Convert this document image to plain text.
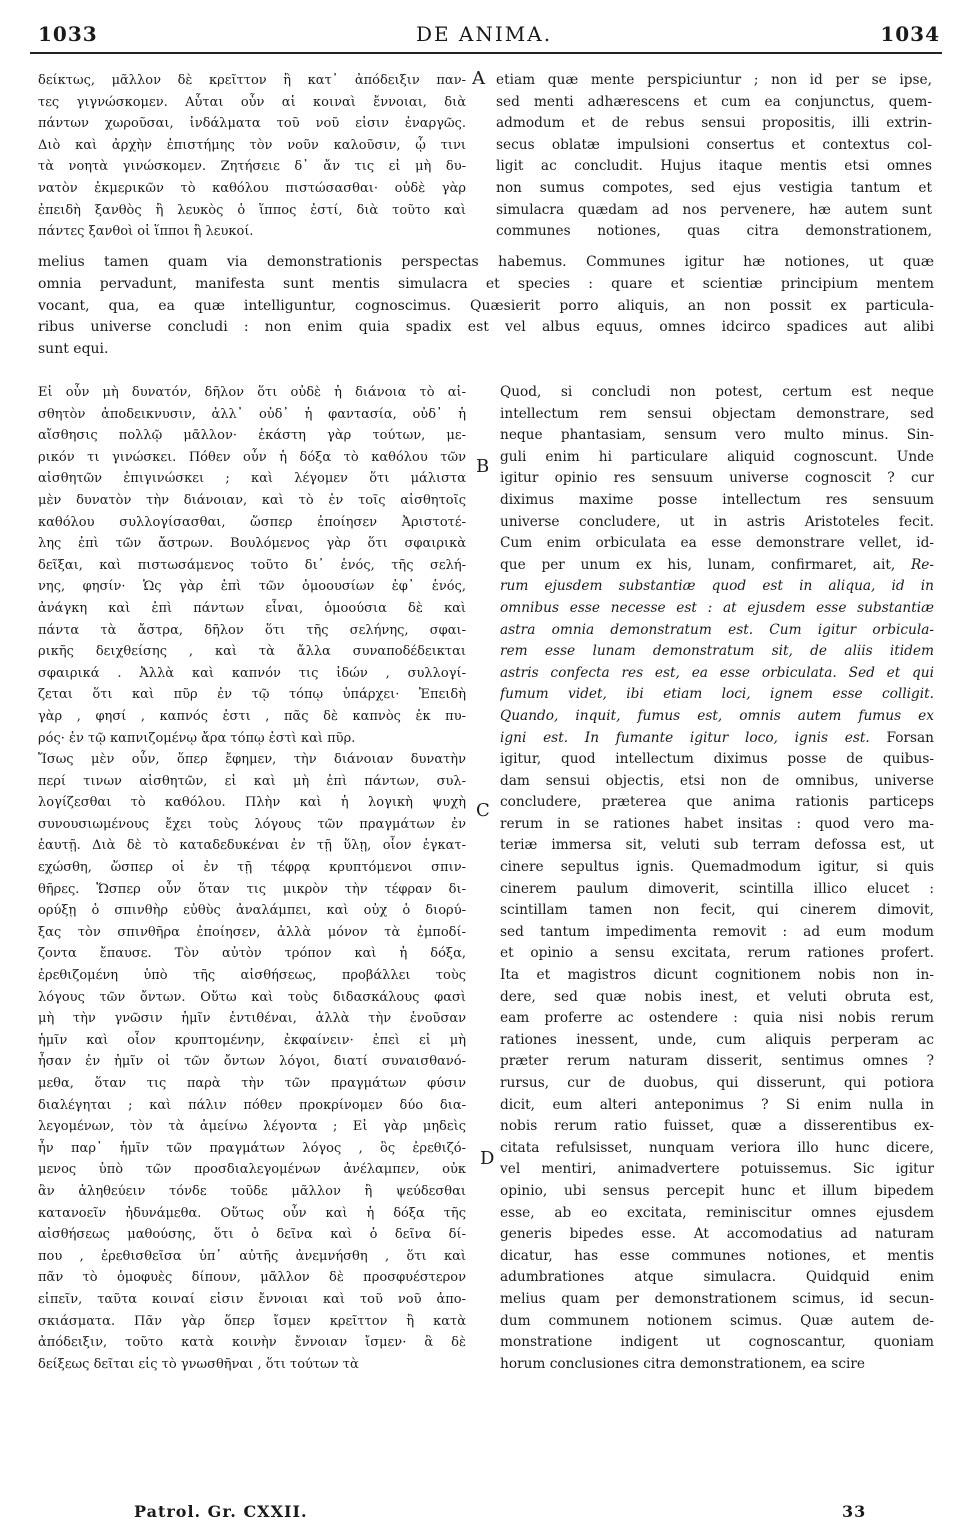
1033	DE ANIMA.	1034
δείκτως, μᾶλλον δὲ κρεῖττον ἢ κατ᾽ ἀπόδειξιν παν-
τες γιγνώσκομεν. Αὗται οὖν αἱ κοιναὶ ἔννοιαι, διὰ
πάντων χωροῦσαι, ἰνδάλματα τοῦ νοῦ εἰσιν ἐναργῶς.
Διὸ καὶ ἀρχὴν ἐπιστήμης τὸν νοῦν καλοῦσιν, ᾧ τινι
τὰ νοητὰ γινώσκομεν. Ζητήσειε δ᾽ ἄν τις εἰ μὴ δυ-
νατὸν ἐκμερικῶν τὸ καθόλου πιστώσασθαι· οὐδὲ γὰρ
ἐπειδὴ ξανθὸς ἢ λευκὸς ὁ ἵππος ἐστί, διὰ τοῦτο καὶ
πάντες ξανθοὶ οἱ ἵπποι ἢ λευκοί.
etiam quæ mente perspiciuntur ; non id per se ipse,
sed menti adhærescens et cum ea conjunctus, quem-
admodum et de rebus sensui propositis, illi extrin-
secus oblatæ impulsioni consertus et contextus col-
ligit ac concludit. Hujus itaque mentis etsi omnes
non sumus compotes, sed ejus vestigia tantum et
simulacra quædam ad nos pervenere, hæ autem sunt
communes notiones, quas citra demonstrationem,
melius tamen quam via demonstrationis perspectas habemus. Communes igitur hæ notiones, ut quæ
omnia pervadunt, manifesta sunt mentis simulacra et species : quare et scientiæ principium mentem
vocant, qua, ea quæ intelliguntur, cognoscimus. Quæsierit porro aliquis, an non possit ex particula-
ribus universe concludi : non enim quia spadix est vel albus equus, omnes idcirco spadices aut alibi
sunt equi.
Εἰ οὖν μὴ δυνατόν, δῆλον ὅτι οὐδὲ ἡ διάνοια τὸ αἰ-
σθητὸν ἀποδεικνυσιν, ἀλλ᾽ οὐδ᾽ ἡ φαντασία, οὐδ᾽ ἡ
αἴσθησις πολλῷ μᾶλλον· ἑκάστη γὰρ τούτων, με-
ρικόν τι γινώσκει. Πόθεν οὖν ἡ δόξα τὸ καθόλου τῶν
αἰσθητῶν ἐπιγινώσκει ; καὶ λέγομεν ὅτι μάλιστα
μὲν δυνατὸν τὴν διάνοιαν, καὶ τὸ ἐν τοῖς αἰσθητοῖς
καθόλου συλλογίσασθαι, ὥσπερ ἐποίησεν Ἀριστοτέ-
λης ἐπὶ τῶν ἄστρων. Βουλόμενος γὰρ ὅτι σφαιρικὰ
δεῖξαι, καὶ πιστωσάμενος τοῦτο δι᾽ ἑνός, τῆς σελή-
νης, φησίν· Ὡς γὰρ ἐπὶ τῶν ὁμοουσίων ἐφ᾽ ἑνός,
ἀνάγκη καὶ ἐπὶ πάντων εἶναι, ὁμοούσια δὲ καὶ
πάντα τὰ ἄστρα, δῆλον ὅτι τῆς σελήνης, σφαι-
ρικῆς δειχθείσης , καὶ τὰ ἄλλα συναποδέδεικται
σφαιρικά . Ἀλλὰ καὶ καπνόν τις ἰδών , συλλογί-
ζεται ὅτι καὶ πῦρ ἐν τῷ τόπῳ ὑπάρχει· Ἐπειδὴ
γὰρ , φησί , καπνός ἐστι , πᾶς δὲ καπνὸς ἐκ πυ-
ρός· ἐν τῷ καπνιζομένῳ ἄρα τόπῳ ἐστὶ καὶ πῦρ.
Ἴσως μὲν οὖν, ὅπερ ἔφημεν, τὴν διάνοιαν δυνατὴν
περί τινων αἰσθητῶν, εἰ καὶ μὴ ἐπὶ πάντων, συλ-
λογίζεσθαι τὸ καθόλου. Πλὴν καὶ ἡ λογικὴ ψυχὴ
συνουσιωμένους ἔχει τοὺς λόγους τῶν πραγμάτων ἐν
ἑαυτῇ. Διὰ δὲ τὸ καταδεδυκέναι ἐν τῇ ὕλῃ, οἷον ἐγκατ-
εχώσθη, ὥσπερ οἱ ἐν τῇ τέφρᾳ κρυπτόμενοι σπιν-
θῆρες. Ὥσπερ οὖν ὅταν τις μικρὸν τὴν τέφραν δι-
ορύξῃ ὁ σπινθὴρ εὐθὺς ἀναλάμπει, καὶ οὐχ ὁ διορύ-
ξας τὸν σπινθῆρα ἐποίησεν, ἀλλὰ μόνον τὰ ἐμποδί-
ζοντα ἔπαυσε. Τὸν αὐτὸν τρόπον καὶ ἡ δόξα,
ἐρεθιζομένη ὑπὸ τῆς αἰσθήσεως, προβάλλει τοὺς
λόγους τῶν ὄντων. Οὕτω καὶ τοὺς διδασκάλους φασὶ
μὴ τὴν γνῶσιν ἡμῖν ἐντιθέναι, ἀλλὰ τὴν ἐνοῦσαν
ἡμῖν καὶ οἷον κρυπτομένην, ἐκφαίνειν· ἐπεὶ εἰ μὴ
ἦσαν ἐν ἡμῖν οἱ τῶν ὄντων λόγοι, διατί συναισθανό-
μεθα, ὅταν τις παρὰ τὴν τῶν πραγμάτων φύσιν
διαλέγηται ; καὶ πάλιν πόθεν προκρίνομεν δύο δια-
λεγομένων, τὸν τὰ ἀμείνω λέγοντα ; Εἰ γὰρ μηδεὶς
ἦν παρ᾽ ἡμῖν τῶν πραγμάτων λόγος , ὃς ἐρεθιζό-
μενος ὑπὸ τῶν προσδιαλεγομένων ἀνέλαμπεν, οὐκ
ἂν ἀληθεύειν τόνδε τοῦδε μᾶλλον ἢ ψεύδεσθαι
κατανοεῖν ἠδυνάμεθα. Οὕτως οὖν καὶ ἡ δόξα τῆς
αἰσθήσεως μαθούσης, ὅτι ὁ δεῖνα καὶ ὁ δεῖνα δί-
που , ἐρεθισθεῖσα ὑπ᾽ αὐτῆς ἀνεμνήσθη , ὅτι καὶ
πᾶν τὸ ὁμοφυὲς δίπουν, μᾶλλον δὲ προσφυέστερον
εἰπεῖν, ταῦτα κοιναί εἰσιν ἔννοιαι καὶ τοῦ νοῦ ἀπο-
σκιάσματα. Πᾶν γὰρ ὅπερ ἴσμεν κρεῖττον ἢ κατὰ
ἀπόδειξιν, τοῦτο κατὰ κοινὴν ἔννοιαν ἴσμεν· ἃ δὲ
δείξεως δεῖται εἰς τὸ γνωσθῆναι , ὅτι τούτων τὰ
Quod, si concludi non potest, certum est neque
intellectum rem sensui objectam demonstrare, sed
neque phantasiam, sensum vero multo minus. Sin-
guli enim hi particulare aliquid cognoscunt. Unde
igitur opinio res sensuum universe cognoscit ? cur
diximus maxime posse intellectum res sensuum
universe concludere, ut in astris Aristoteles fecit.
Cum enim orbiculata ea esse demonstrare vellet, id-
que per unum ex his, lunam, confirmaret, ait, Re-
rum ejusdem substantiæ quod est in aliqua, id in
omnibus esse necesse est : at ejusdem esse substantiæ
astra omnia demonstratum est. Cum igitur orbicula-
rem esse lunam demonstratum sit, de aliis itidem
astris confecta res est, ea esse orbiculata. Sed et qui
fumum videt, ibi etiam loci, ignem esse colligit.
Quando, inquit, fumus est, omnis autem fumus ex
igni est. In fumante igitur loco, ignis est. Forsan
igitur, quod intellectum diximus posse de quibus-
dam sensui objectis, etsi non de omnibus, universe
concludere, præterea que anima rationis particeps
rerum in se rationes habet insitas : quod vero ma-
teriæ immersa sit, veluti sub terram defossa est, ut
cinere sepultus ignis. Quemadmodum igitur, si quis
cinerem paulum dimoverit, scintilla illico elucet :
scintillam tamen non fecit, qui cinerem dimovit,
sed tantum impedimenta removit : ad eum modum
et opinio a sensu excitata, rerum rationes profert.
Ita et magistros dicunt cognitionem nobis non in-
dere, sed quæ nobis inest, et veluti obruta est,
eam proferre ac ostendere : quia nisi nobis rerum
rationes inessent, unde, cum aliquis perperam ac
præter rerum naturam disserit, sentimus omnes ?
rursus, cur de duobus, qui disserunt, qui potiora
dicit, eum alteri anteponimus ? Si enim nulla in
nobis rerum ratio fuisset, quæ a disserentibus ex-
citata refulsisset, nunquam veriora illo hunc dicere,
vel mentiri, animadvertere potuissemus. Sic igitur
opinio, ubi sensus percepit hunc et illum bipedem
esse, ab eo excitata, reminiscitur omnes ejusdem
generis bipedes esse. At accomodatius ad naturam
dicatur, has esse communes notiones, et mentis
adumbrationes atque simulacra. Quidquid enim
melius quam per demonstrationem scimus, id secun-
dum communem notionem scimus. Quæ autem de-
monstratione indigent ut cognoscantur, quoniam
horum conclusiones citra demonstrationem, ea scire
A
B
C
D
Patrol. Gr. CXXII.	33
